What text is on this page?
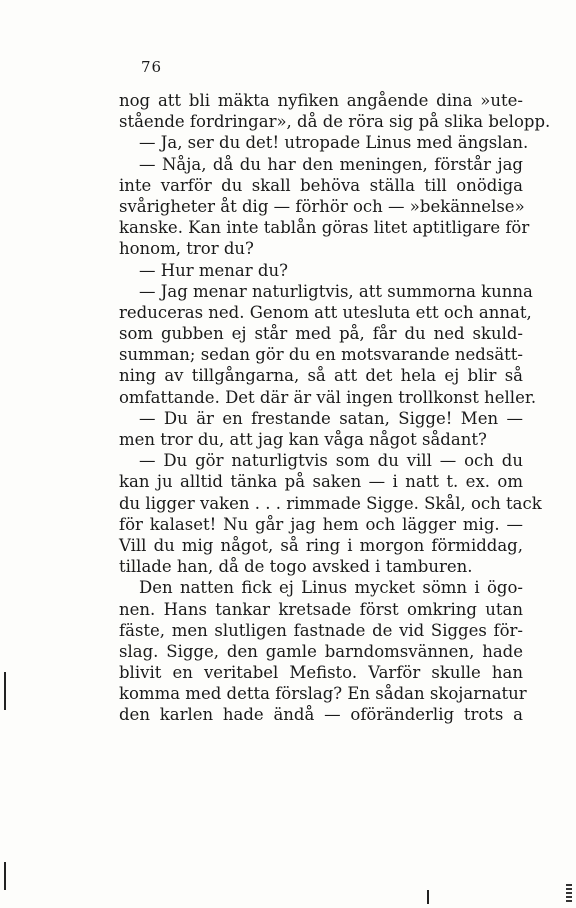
76
nog att bli mäkta nyfiken angående dina »ute-
stående fordringar», då de röra sig på slika belopp.
— Ja, ser du det! utropade Linus med ängslan.
— Nåja, då du har den meningen, förstår jag
inte varför du skall behöva ställa till onödiga
svårigheter åt dig — förhör och — »bekännelse»
kanske. Kan inte tablån göras litet aptitligare för
honom, tror du?
— Hur menar du?
— Jag menar naturligtvis, att summorna kunna
reduceras ned. Genom att utesluta ett och annat,
som gubben ej står med på, får du ned skuld-
summan; sedan gör du en motsvarande nedsätt-
ning av tillgångarna, så att det hela ej blir så
omfattande. Det där är väl ingen trollkonst heller.
— Du är en frestande satan, Sigge! Men —
men tror du, att jag kan våga något sådant?
— Du gör naturligtvis som du vill — och du
kan ju alltid tänka på saken — i natt t. ex. om
du ligger vaken . . . rimmade Sigge. Skål, och tack
för kalaset! Nu går jag hem och lägger mig. —
Vill du mig något, så ring i morgon förmiddag,
tillade han, då de togo avsked i tamburen.
Den natten fick ej Linus mycket sömn i ögo-
nen. Hans tankar kretsade först omkring utan
fäste, men slutligen fastnade de vid Sigges för-
slag. Sigge, den gamle barndomsvännen, hade
blivit en veritabel Mefisto. Varför skulle han
komma med detta förslag? En sådan skojarnatur
den karlen hade ändå — oföränderlig trots a
